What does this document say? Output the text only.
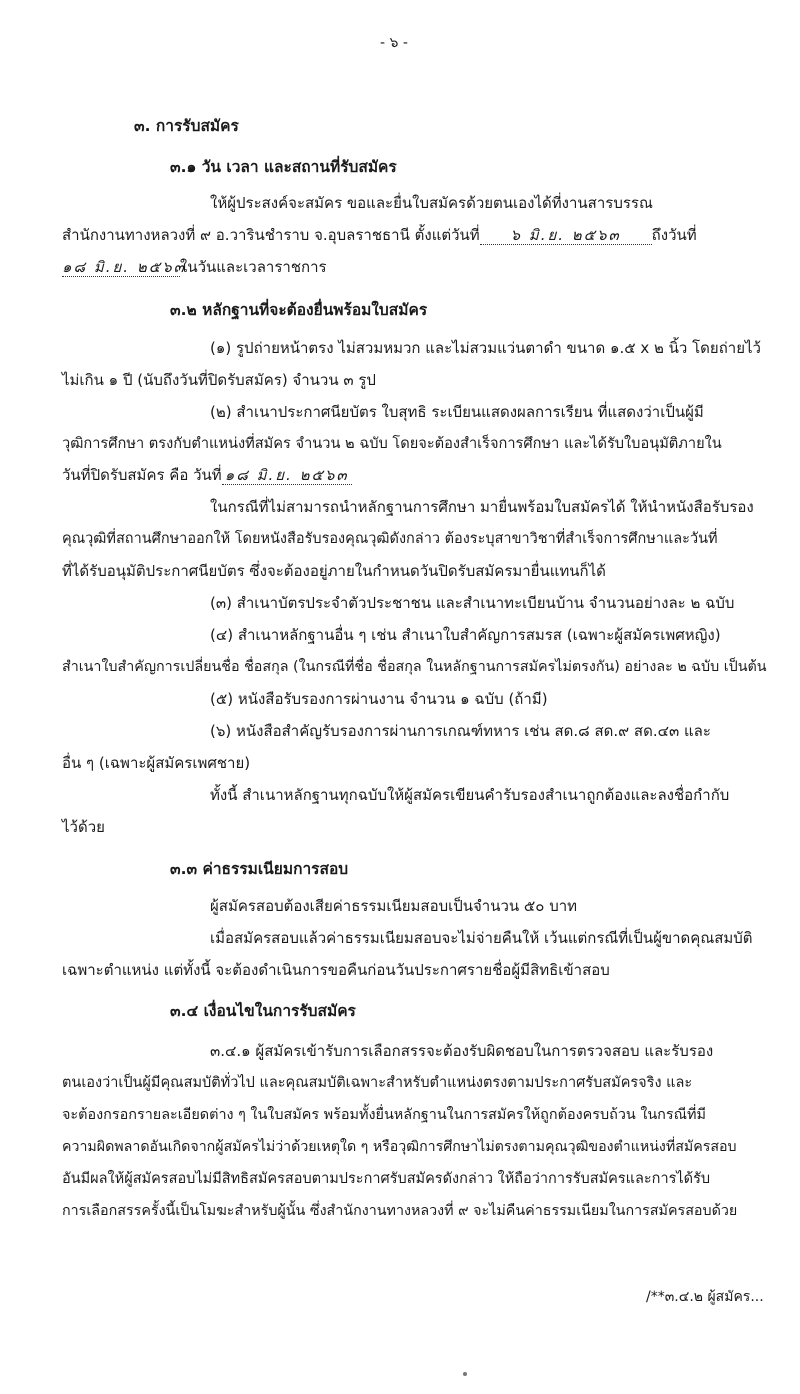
- ๖ -
๓. การรับสมัคร
๓.๑ วัน เวลา และสถานที่รับสมัคร
ให้ผู้ประสงค์จะสมัคร ขอและยื่นใบสมัครด้วยตนเองได้ที่งานสารบรรณ
สำนักงานทางหลวงที่ ๙ อ.วารินชำราบ จ.อุบลราชธานี ตั้งแต่วันที่ ๖ มิ.ย. ๒๕๖๓ ถึงวันที่
๑๘ มิ.ย. ๒๕๖๓ในวันและเวลาราชการ
๓.๒ หลักฐานที่จะต้องยื่นพร้อมใบสมัคร
(๑) รูปถ่ายหน้าตรง ไม่สวมหมวก และไม่สวมแว่นตาดำ ขนาด ๑.๕ x ๒ นิ้ว โดยถ่ายไว้
ไม่เกิน ๑ ปี (นับถึงวันที่ปิดรับสมัคร) จำนวน ๓ รูป
(๒) สำเนาประกาศนียบัตร ใบสุทธิ ระเบียนแสดงผลการเรียน ที่แสดงว่าเป็นผู้มี
วุฒิการศึกษา ตรงกับตำแหน่งที่สมัคร จำนวน ๒ ฉบับ โดยจะต้องสำเร็จการศึกษา และได้รับใบอนุมัติภายใน
วันที่ปิดรับสมัคร คือ วันที่ ๑๘ มิ.ย. ๒๕๖๓
ในกรณีที่ไม่สามารถนำหลักฐานการศึกษา มายื่นพร้อมใบสมัครได้ ให้นำหนังสือรับรอง
คุณวุฒิที่สถานศึกษาออกให้ โดยหนังสือรับรองคุณวุฒิดังกล่าว ต้องระบุสาขาวิชาที่สำเร็จการศึกษาและวันที่
ที่ได้รับอนุมัติประกาศนียบัตร ซึ่งจะต้องอยู่ภายในกำหนดวันปิดรับสมัครมายื่นแทนก็ได้
(๓) สำเนาบัตรประจำตัวประชาชน และสำเนาทะเบียนบ้าน จำนวนอย่างละ ๒ ฉบับ
(๔) สำเนาหลักฐานอื่น ๆ เช่น สำเนาใบสำคัญการสมรส (เฉพาะผู้สมัครเพศหญิง)
สำเนาใบสำคัญการเปลี่ยนชื่อ ชื่อสกุล (ในกรณีที่ชื่อ ชื่อสกุล ในหลักฐานการสมัครไม่ตรงกัน) อย่างละ ๒ ฉบับ เป็นต้น
(๕) หนังสือรับรองการผ่านงาน จำนวน ๑ ฉบับ (ถ้ามี)
(๖) หนังสือสำคัญรับรองการผ่านการเกณฑ์ทหาร เช่น สด.๘ สด.๙ สด.๔๓ และ
อื่น ๆ (เฉพาะผู้สมัครเพศชาย)
ทั้งนี้ สำเนาหลักฐานทุกฉบับให้ผู้สมัครเขียนคำรับรองสำเนาถูกต้องและลงชื่อกำกับ
ไว้ด้วย
๓.๓ ค่าธรรมเนียมการสอบ
ผู้สมัครสอบต้องเสียค่าธรรมเนียมสอบเป็นจำนวน ๕๐ บาท
เมื่อสมัครสอบแล้วค่าธรรมเนียมสอบจะไม่จ่ายคืนให้ เว้นแต่กรณีที่เป็นผู้ขาดคุณสมบัติ
เฉพาะตำแหน่ง แต่ทั้งนี้ จะต้องดำเนินการขอคืนก่อนวันประกาศรายชื่อผู้มีสิทธิเข้าสอบ
๓.๔ เงื่อนไขในการรับสมัคร
๓.๔.๑ ผู้สมัครเข้ารับการเลือกสรรจะต้องรับผิดชอบในการตรวจสอบ และรับรอง
ตนเองว่าเป็นผู้มีคุณสมบัติทั่วไป และคุณสมบัติเฉพาะสำหรับตำแหน่งตรงตามประกาศรับสมัครจริง และ
จะต้องกรอกรายละเอียดต่าง ๆ ในใบสมัคร พร้อมทั้งยื่นหลักฐานในการสมัครให้ถูกต้องครบถ้วน ในกรณีที่มี
ความผิดพลาดอันเกิดจากผู้สมัครไม่ว่าด้วยเหตุใด ๆ หรือวุฒิการศึกษาไม่ตรงตามคุณวุฒิของตำแหน่งที่สมัครสอบ
อันมีผลให้ผู้สมัครสอบไม่มีสิทธิสมัครสอบตามประกาศรับสมัครดังกล่าว ให้ถือว่าการรับสมัครและการได้รับ
การเลือกสรรครั้งนี้เป็นโมฆะสำหรับผู้นั้น ซึ่งสำนักงานทางหลวงที่ ๙ จะไม่คืนค่าธรรมเนียมในการสมัครสอบด้วย
/**๓.๔.๒ ผู้สมัคร...
